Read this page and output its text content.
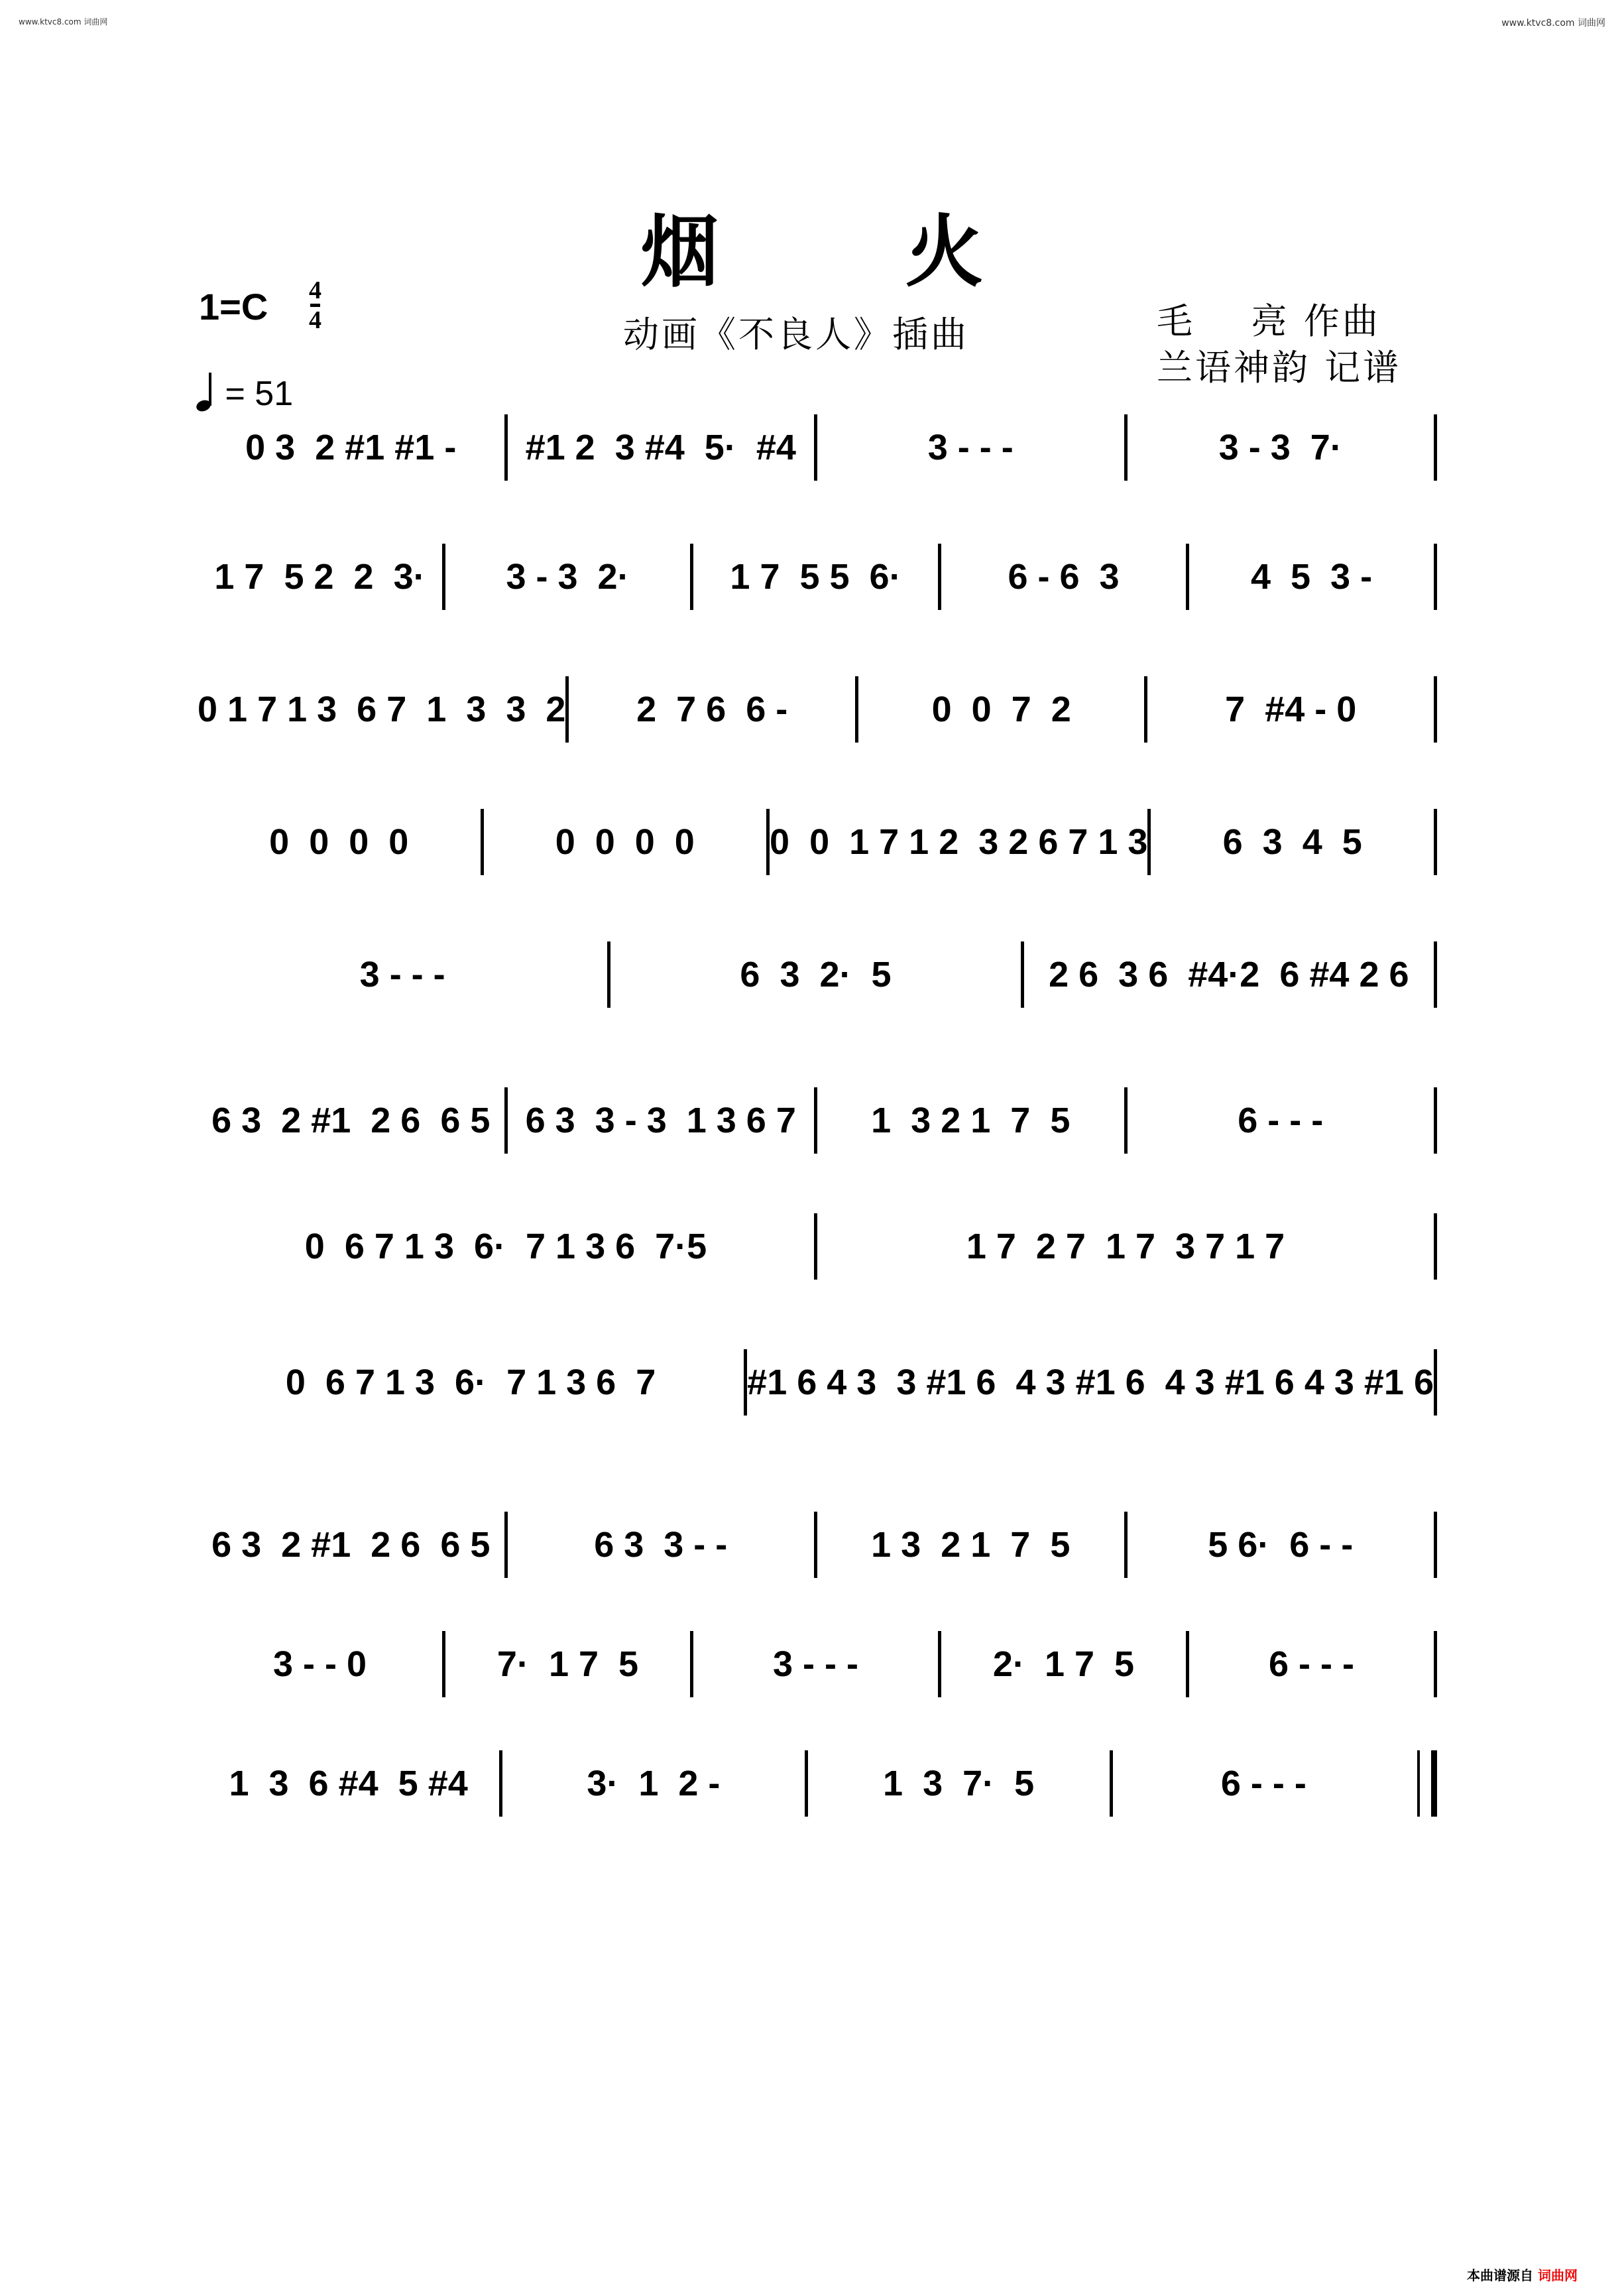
www.ktvc8.com 词曲网	www.ktvc8.com 词曲网
烟 火
1=C 4
4
= 51
动画《不良人》插曲	毛    亮 作曲
兰语神韵 记谱
0 3  2 #1 #1 - #1 2  3 #4  5·  #4	3 - - -	3 - 3  7·
1 7  5 2  2  3· 3 - 3  2·	1 7  5 5  6·	6 - 6  3	4  5  3 -
0 1 7 1 3  6 7  1  3  3  2 2  7 6  6 -	0  0  7  2	7  #4 - 0
0  0  0  0	0  0  0  0 0  0  1 7 1 2  3 2 6 7 1 3 6  3  4  5
3 - - -	6  3  2·  5	2 6  3 6  #4·2  6 #4 2 6
6 3  2 #1  2 6  6 5 6 3  3 - 3  1 3 6 7 1  3 2 1  7  5	6 - - -
0  6 7 1 3  6·  7 1 3 6  7·5	1 7  2 7  1 7  3 7 1 7
0  6 7 1 3  6·  7 1 3 6  7	#1 6 4 3  3 #1 6  4 3 #1 6  4 3 #1 6 4 3 #1 6
6 3  2 #1  2 6  6 5	6 3  3 - -	1 3  2 1  7  5	5 6·  6 - -
3 - - 0	7·  1 7  5	3 - - -	2·  1 7  5	6 - - -
1  3  6 #4  5 #4	3·  1  2 -	1  3  7·  5	6 - - -
本曲谱源自 词曲网
